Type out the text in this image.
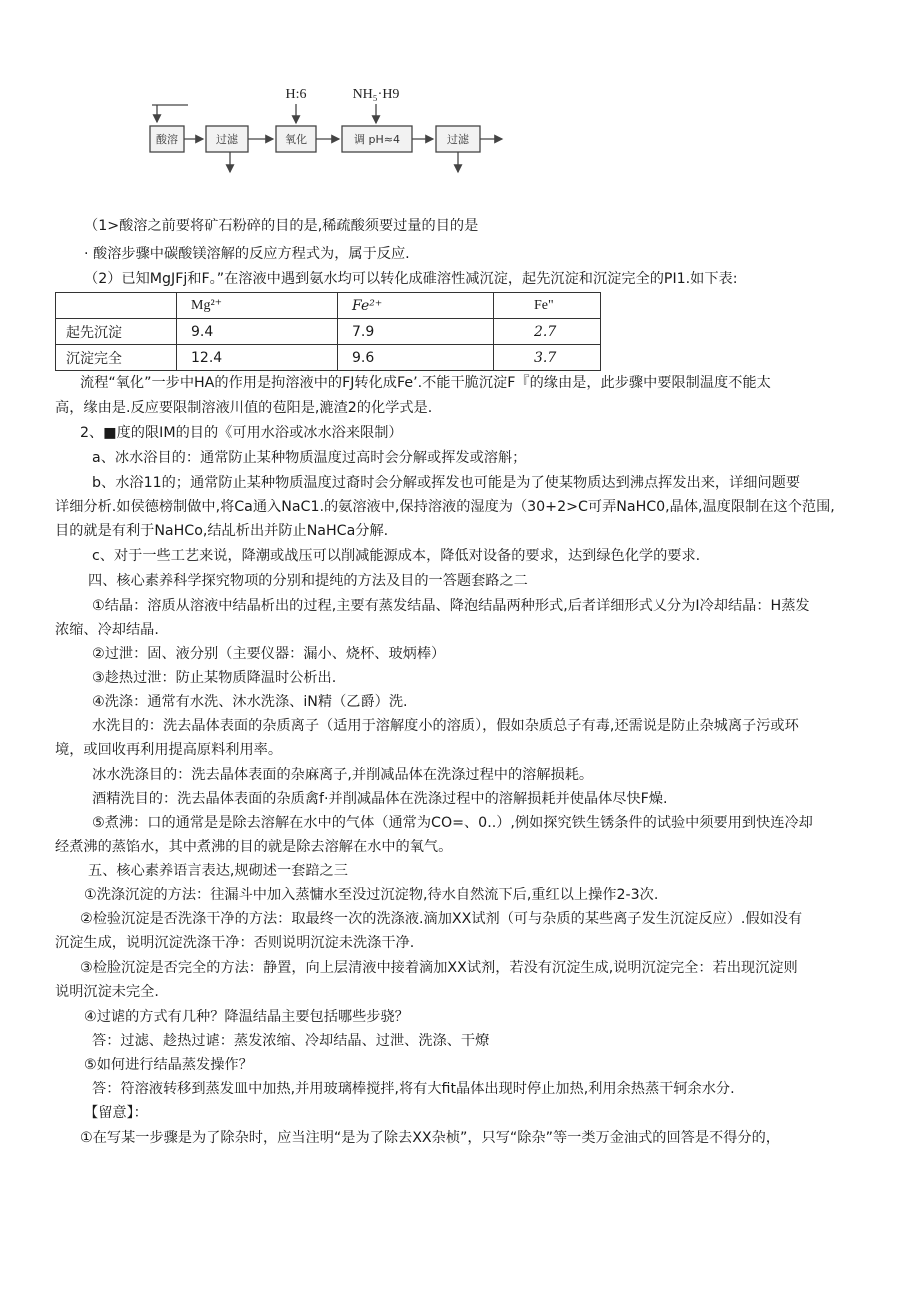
酸溶	过滤	氧化	调 pH≈4	过滤
H:6	NH₅·H9
（1>酸溶之前要将矿石粉碎的目的是,稀疏酸须要过量的目的是
· 酸溶步骤中碳酸镁溶解的反应方程式为，属于反应.
（2）已知MgJFj和F。”在溶液中遇到氨水均可以转化成碓溶性减沉淀，起先沉淀和沉淀完全的PI1.如下表:
	Mg²⁺	Fe²⁺	Fe"
起先沉淀	9.4	7.9	2.7
沉淀完全	12.4	9.6	3.7
流程“氧化”一步中HA的作用是拘溶液中的FJ转化成Fe’.不能干脆沉淀F『的缘由是，此步骤中要限制温度不能太
高，缘由是.反应要限制溶液川值的苞阳是,漉渣2的化学式是.
2、■度的限IM的目的《可用水浴或冰水浴来限制）
a、冰水浴目的：通常防止某种物质温度过高时会分解或挥发或溶斛；
b、水浴11的；通常防止某种物质温度过裔时会分解或挥发也可能是为了使某物质达到沸点挥发出来，详细问题要
详细分析.如侯德榜制做中,将Ca通入NaC1.的氨溶液中,保持溶液的湿度为（30+2>C可弄NaHC0,晶体,温度限制在这个范围,
目的就是有利于NaHCo,结乩析出并防止NaHCa分解.
c、对于一些工艺来说，降潮或战压可以削减能源成本，降低对设备的要求，达到绿色化学的要求.
四、核心素养科学探究物项的分别和提纯的方法及目的一答题套路之二
①结晶：溶质从溶液中结晶析出的过程,主要有蒸发结晶、降泡结晶两种形式,后者详细形式乂分为I冷却结晶：H蒸发
浓缩、冷却结晶.
②过泄：固、液分别（主要仪器：漏小、烧杯、玻炳棒）
③趁热过泄：防止某物质降温时公析出.
④洗涤：通常有水洗、沐水洗涤、iN精（乙爵）洗.
水洗目的：洗去晶体表面的杂质离子（适用于溶解度小的溶质），假如杂质总子有毒,还需说是防止杂城离子污或环
境，或回收再利用提高原料利用率。
冰水洗涤目的：洗去晶体表面的杂麻离子,并削减品体在洗涤过程中的溶解损耗。
酒精洗目的：洗去晶体表面的杂质禽f·并削减晶体在洗涤过程中的溶解损耗并使晶体尽快F燥.
⑤煮沸：口的通常是是除去溶解在水中的气体（通常为CO=、0..）,例如探究铁生锈条件的试验中须要用到快连冷却
经煮沸的蒸馅水，其中煮沸的目的就是除去溶解在水中的氧气。
五、核心素养语言表达,规砌述一套踣之三
①洗涤沉淀的方法：往漏斗中加入蒸慵水至没过沉淀物,待水自然流下后,重红以上操作2-3次.
②检验沉淀是否洗涤干净的方法：取最终一次的洗涤液.滴加XX试剂（可与杂质的某些离子发生沉淀反应）.假如没有
沉淀生成，说明沉淀洗涤干净：否则说明沉淀未洗涤干净.
③检脸沉淀是否完全的方法：静置，向上层清液中接着滴加XX试剂，若没有沉淀生成,说明沉淀完全：若出现沉淀则
说明沉淀未完全.
④过谑的方式有几种？降温结晶主要包括哪些步骁？
答：过滤、趁热过谑：蒸发浓缩、冷却结晶、过泄、洗涤、干燎
⑤如何进行结晶蒸发操作？
答：符溶液转移到蒸发皿中加热,并用玻璃棒搅拌,将有大fit晶体出现时停止加热,利用余热蒸干轲余水分.
【留意】：
①在写某一步骤是为了除杂时，应当注明“是为了除去XX杂桢”，只写“除杂”等一类万金油式的回答是不得分的，
